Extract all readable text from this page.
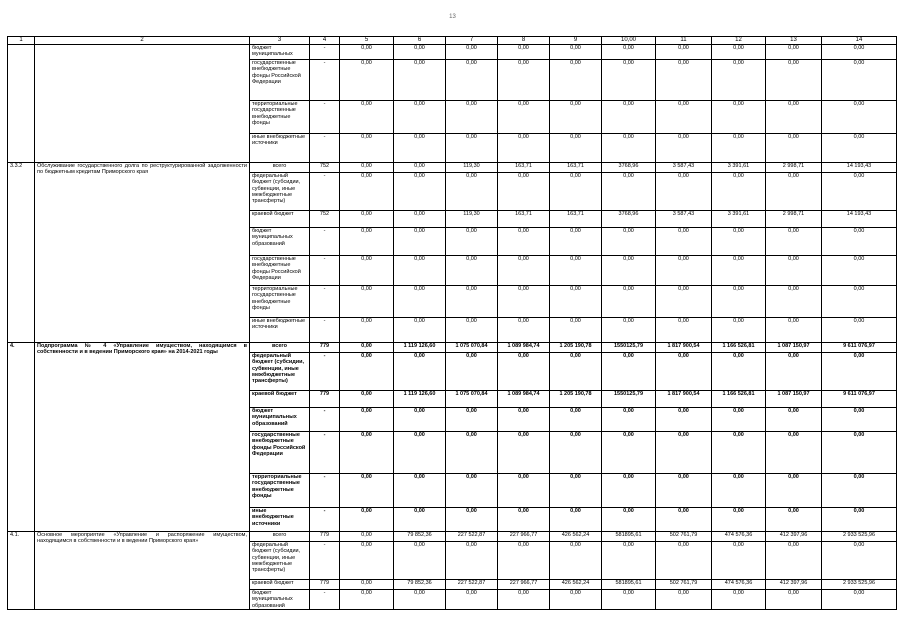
13
1	2	3	4	5	6	7	8	9	10,00	11	12	13	14
		бюджет муниципальных	-	0,00	0,00	0,00	0,00	0,00	0,00	0,00	0,00	0,00	0,00
		государственные внебюджетные фонды Российской Федерации	-	0,00	0,00	0,00	0,00	0,00	0,00	0,00	0,00	0,00	0,00
		территориальные государственные внебюджетные фонды	-	0,00	0,00	0,00	0,00	0,00	0,00	0,00	0,00	0,00	0,00
		иные внебюджетные источники	-	0,00	0,00	0,00	0,00	0,00	0,00	0,00	0,00	0,00	0,00
3.3.2	Обслуживание государственного долга по реструктурированной задолженности по бюджетным кредитам Приморского края	всего	752	0,00	0,00	119,30	163,71	163,71	3768,96	3 587,43	3 391,61	2 998,71	14 193,43
		федеральный бюджет (субсидии, субвенции, иные межбюджетные трансферты)	-	0,00	0,00	0,00	0,00	0,00	0,00	0,00	0,00	0,00	0,00
		краевой бюджет	752	0,00	0,00	119,30	163,71	163,71	3768,96	3 587,43	3 391,61	2 998,71	14 193,43
		бюджет муниципальных образований	-	0,00	0,00	0,00	0,00	0,00	0,00	0,00	0,00	0,00	0,00
		государственные внебюджетные фонды Российской Федерации	-	0,00	0,00	0,00	0,00	0,00	0,00	0,00	0,00	0,00	0,00
		территориальные государственные внебюджетные фонды	-	0,00	0,00	0,00	0,00	0,00	0,00	0,00	0,00	0,00	0,00
		иные внебюджетные источники	-	0,00	0,00	0,00	0,00	0,00	0,00	0,00	0,00	0,00	0,00
4.	Подпрограмма № 4 «Управление имуществом, находящимся в собственности и в ведении Приморского края» на 2014-2021 годы	всего	779	0,00	1 119 126,60	1 075 070,84	1 089 984,74	1 205 190,78	1550125,79	1 817 900,54	1 166 526,81	1 087 150,97	9 611 076,97
		федеральный бюджет (субсидии, субвенции, иные межбюджетные трансферты)	-	0,00	0,00	0,00	0,00	0,00	0,00	0,00	0,00	0,00	0,00
		краевой бюджет	779	0,00	1 119 126,60	1 075 070,84	1 089 984,74	1 205 190,78	1550125,79	1 817 900,54	1 166 526,81	1 087 150,97	9 611 076,97
		бюджет муниципальных образований	-	0,00	0,00	0,00	0,00	0,00	0,00	0,00	0,00	0,00	0,00
		государственные внебюджетные фонды Российской Федерации	-	0,00	0,00	0,00	0,00	0,00	0,00	0,00	0,00	0,00	0,00
		территориальные государственные внебюджетные фонды	-	0,00	0,00	0,00	0,00	0,00	0,00	0,00	0,00	0,00	0,00
		иные внебюджетные источники	-	0,00	0,00	0,00	0,00	0,00	0,00	0,00	0,00	0,00	0,00
4.1.	Основное мероприятие «Управление и распоряжение имуществом, находящимся в собственности и в ведении Приморского края»	всего	779	0,00	79 852,36	227 522,87	227 966,77	426 562,24	581895,61	502 761,79	474 576,36	412 397,96	2 933 525,96
		федеральный бюджет (субсидии, субвенции, иные межбюджетные трансферты)	-	0,00	0,00	0,00	0,00	0,00	0,00	0,00	0,00	0,00	0,00
		краевой бюджет	779	0,00	79 852,36	227 522,87	227 966,77	426 562,24	581895,61	502 761,79	474 576,36	412 397,96	2 933 525,96
		бюджет муниципальных образований	-	0,00	0,00	0,00	0,00	0,00	0,00	0,00	0,00	0,00	0,00
